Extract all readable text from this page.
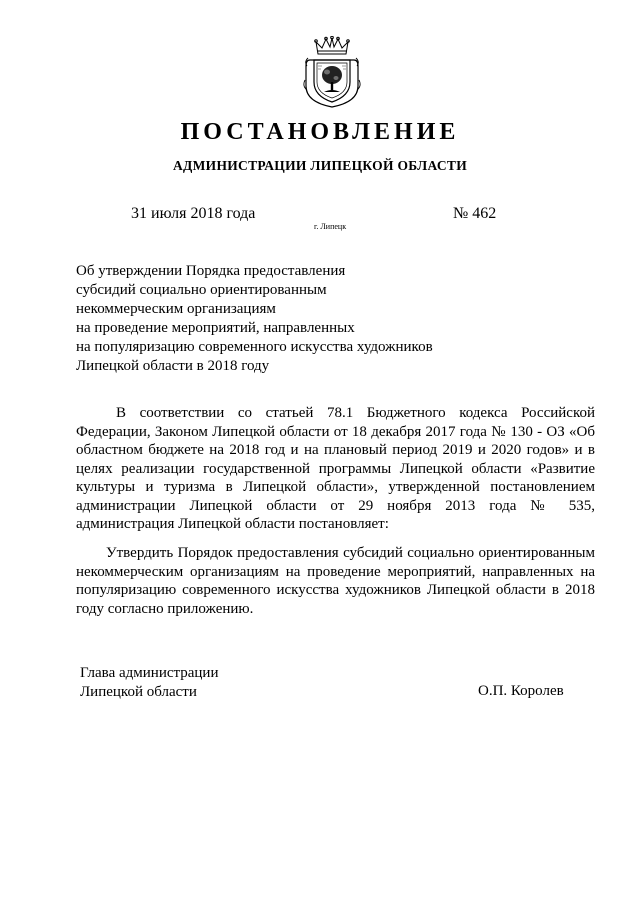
ПОСТАНОВЛЕНИЕ
АДМИНИСТРАЦИИ ЛИПЕЦКОЙ ОБЛАСТИ
31 июля 2018 года
г. Липецк
№ 462
Об утверждении Порядка предоставления
субсидий социально ориентированным
некоммерческим организациям
на проведение мероприятий, направленных
на популяризацию современного искусства художников
Липецкой области в 2018 году
В соответствии со статьей 78.1 Бюджетного кодекса Российской Федерации, Законом Липецкой области от 18 декабря 2017 года № 130 - ОЗ «Об областном бюджете на 2018 год и на плановый период 2019 и 2020 годов» и в целях реализации государственной программы Липецкой области «Развитие культуры и туризма в Липецкой области», утвержденной постановлением администрации Липецкой области от 29 ноября 2013 года № 535, администрация Липецкой области постановляет:
Утвердить Порядок предоставления субсидий социально ориентированным некоммерческим организациям на проведение мероприятий, направленных на популяризацию современного искусства художников Липецкой области в 2018 году согласно приложению.
Глава администрации
Липецкой области	О.П. Королев
